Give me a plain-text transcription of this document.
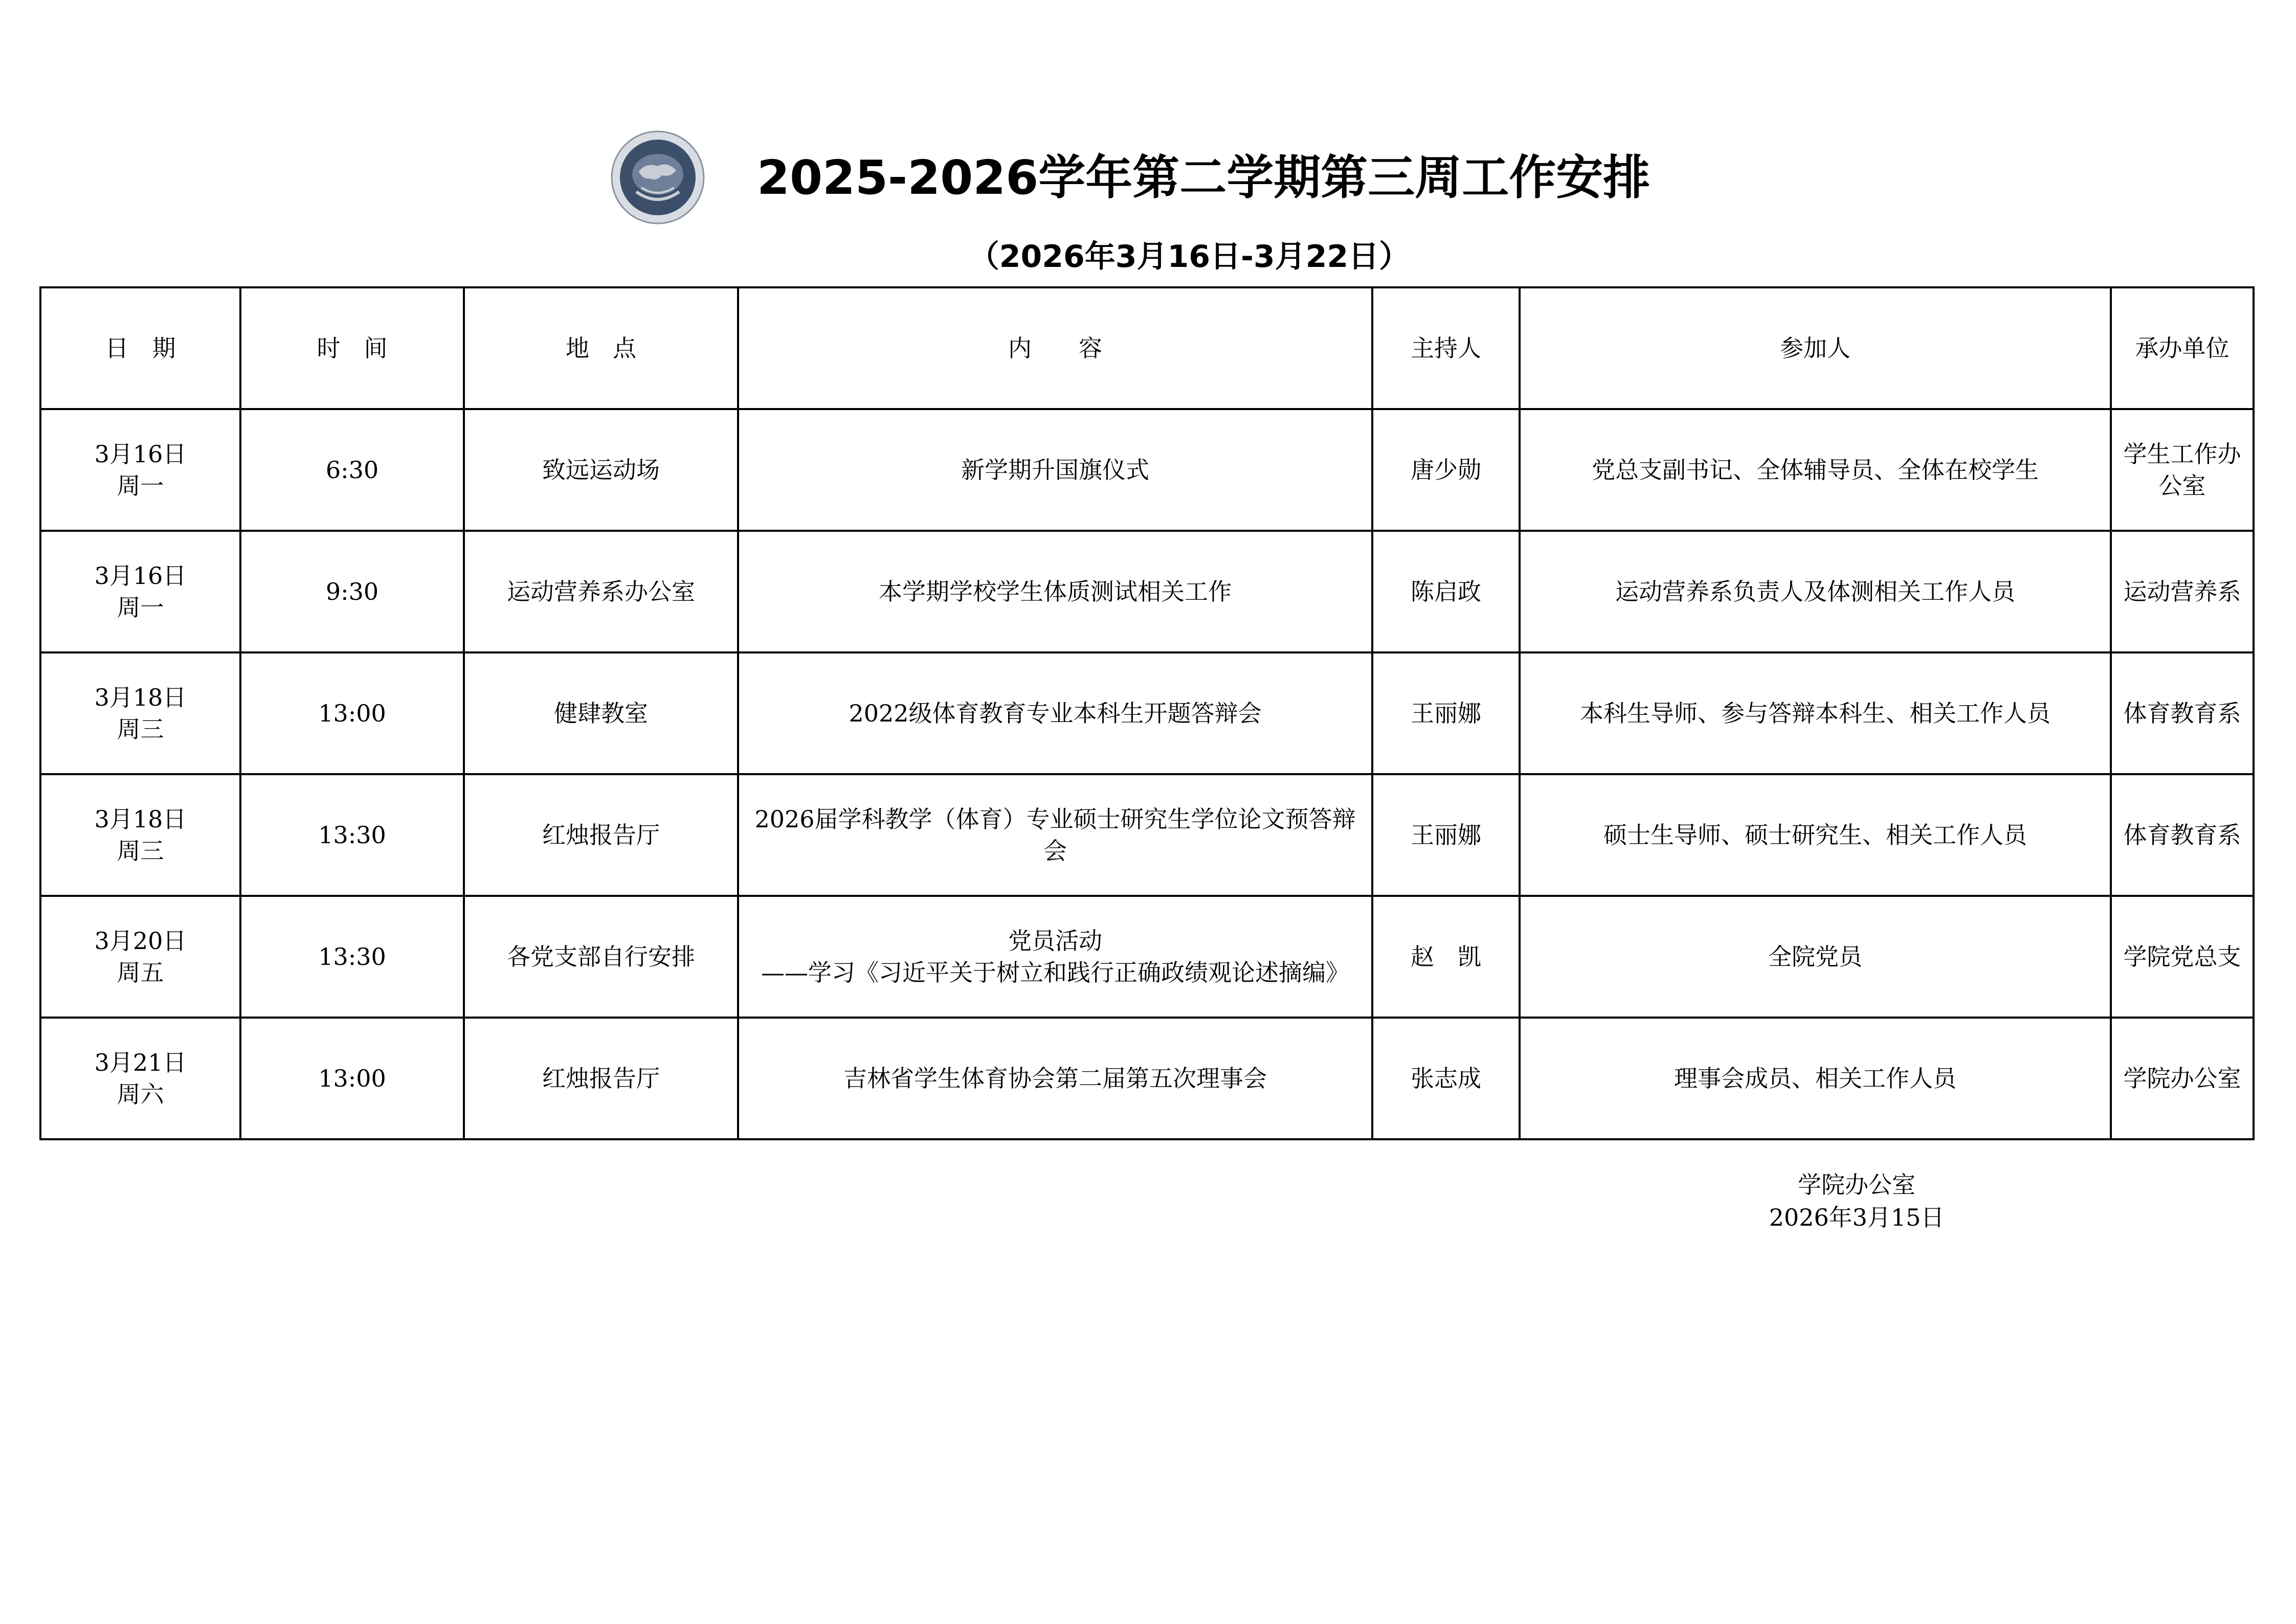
2025-2026学年第二学期第三周工作安排
（2026年3月16日-3月22日）
日　期	时　间	地　点	内　　容	主持人	参加人	承办单位

3月16日
周一	6:30	致远运动场	新学期升国旗仪式	唐少勋	党总支副书记、全体辅导员、全体在校学生	学生工作办公室

3月16日
周一	9:30	运动营养系办公室	本学期学校学生体质测试相关工作	陈启政	运动营养系负责人及体测相关工作人员	运动营养系

3月18日
周三	13:00	健肆教室	2022级体育教育专业本科生开题答辩会	王丽娜	本科生导师、参与答辩本科生、相关工作人员	体育教育系

3月18日
周三	13:30	红烛报告厅	2026届学科教学（体育）专业硕士研究生学位论文预答辩会	王丽娜	硕士生导师、硕士研究生、相关工作人员	体育教育系

3月20日
周五	13:30	各党支部自行安排	党员活动
——学习《习近平关于树立和践行正确政绩观论述摘编》	赵　凯	全院党员	学院党总支

3月21日
周六	13:00	红烛报告厅	吉林省学生体育协会第二届第五次理事会	张志成	理事会成员、相关工作人员	学院办公室
学院办公室
2026年3月15日
